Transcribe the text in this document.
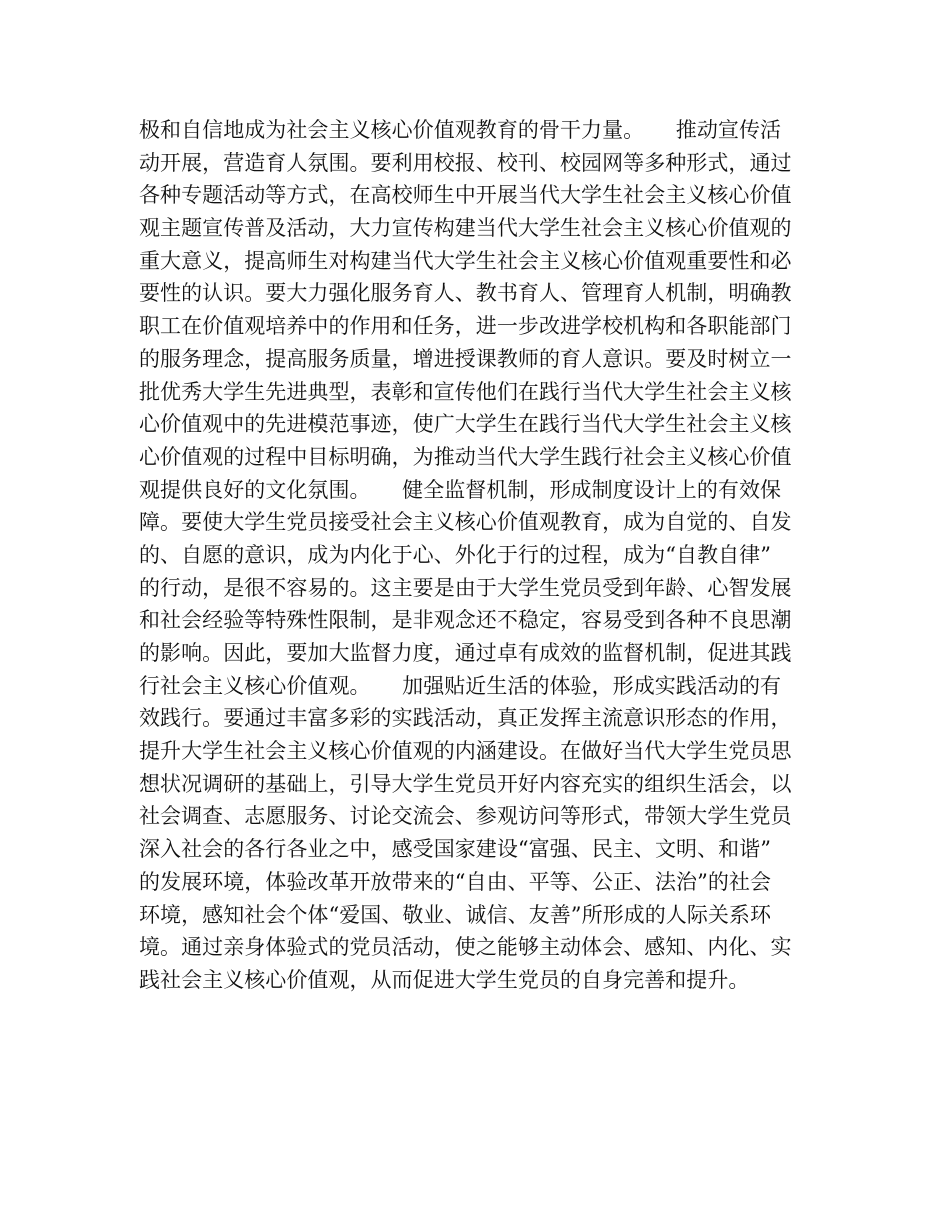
极和自信地成为社会主义核心价值观教育的骨干力量。　　推动宣传活
动开展，营造育人氛围。要利用校报、校刊、校园网等多种形式，通过
各种专题活动等方式，在高校师生中开展当代大学生社会主义核心价值
观主题宣传普及活动，大力宣传构建当代大学生社会主义核心价值观的
重大意义，提高师生对构建当代大学生社会主义核心价值观重要性和必
要性的认识。要大力强化服务育人、教书育人、管理育人机制，明确教
职工在价值观培养中的作用和任务，进一步改进学校机构和各职能部门
的服务理念，提高服务质量，增进授课教师的育人意识。要及时树立一
批优秀大学生先进典型，表彰和宣传他们在践行当代大学生社会主义核
心价值观中的先进模范事迹，使广大学生在践行当代大学生社会主义核
心价值观的过程中目标明确，为推动当代大学生践行社会主义核心价值
观提供良好的文化氛围。　　健全监督机制，形成制度设计上的有效保
障。要使大学生党员接受社会主义核心价值观教育，成为自觉的、自发
的、自愿的意识，成为内化于心、外化于行的过程，成为“自教自律”
的行动，是很不容易的。这主要是由于大学生党员受到年龄、心智发展
和社会经验等特殊性限制，是非观念还不稳定，容易受到各种不良思潮
的影响。因此，要加大监督力度，通过卓有成效的监督机制，促进其践
行社会主义核心价值观。　　加强贴近生活的体验，形成实践活动的有
效践行。要通过丰富多彩的实践活动，真正发挥主流意识形态的作用，
提升大学生社会主义核心价值观的内涵建设。在做好当代大学生党员思
想状况调研的基础上，引导大学生党员开好内容充实的组织生活会，以
社会调查、志愿服务、讨论交流会、参观访问等形式，带领大学生党员
深入社会的各行各业之中，感受国家建设“富强、民主、文明、和谐”
的发展环境，体验改革开放带来的“自由、平等、公正、法治”的社会
环境，感知社会个体“爱国、敬业、诚信、友善”所形成的人际关系环
境。通过亲身体验式的党员活动，使之能够主动体会、感知、内化、实
践社会主义核心价值观，从而促进大学生党员的自身完善和提升。
